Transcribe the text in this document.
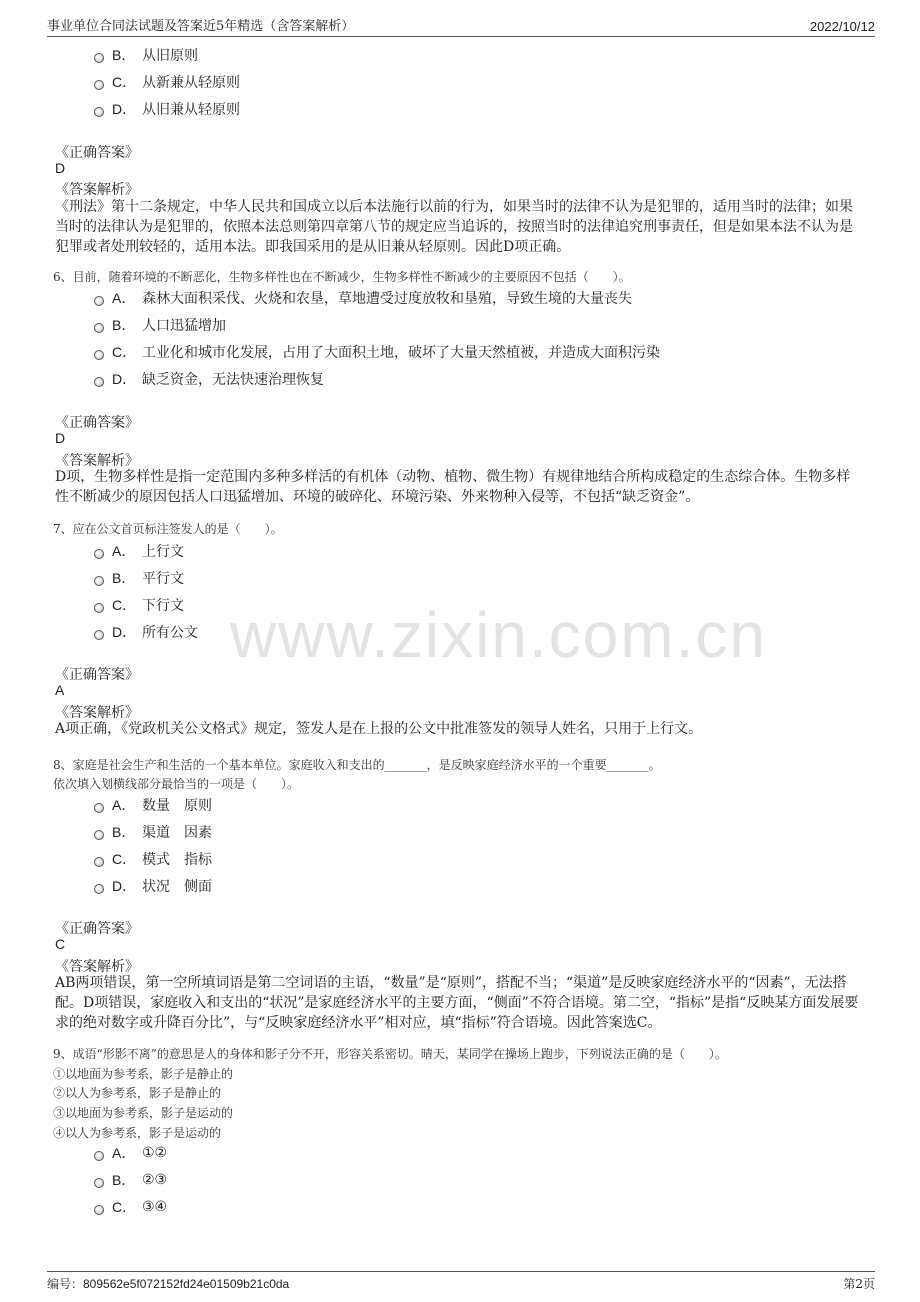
事业单位合同法试题及答案近5年精选（含答案解析）	2022/10/12
www.zixin.com.cn
B． 从旧原则
C． 从新兼从轻原则
D． 从旧兼从轻原则
《正确答案》
D
《答案解析》
《刑法》第十二条规定，中华人民共和国成立以后本法施行以前的行为，如果当时的法律不认为是犯罪的，适用当时的法律；如果当时的法律认为是犯罪的，依照本法总则第四章第八节的规定应当追诉的，按照当时的法律追究刑事责任，但是如果本法不认为是犯罪或者处刑较轻的，适用本法。即我国采用的是从旧兼从轻原则。因此D项正确。
6、目前，随着环境的不断恶化，生物多样性也在不断减少，生物多样性不断减少的主要原因不包括（　　）。
A． 森林大面积采伐、火烧和农垦，草地遭受过度放牧和垦殖，导致生境的大量丧失
B． 人口迅猛增加
C． 工业化和城市化发展，占用了大面积土地，破坏了大量天然植被，并造成大面积污染
D． 缺乏资金，无法快速治理恢复
《正确答案》
D
《答案解析》
D项，生物多样性是指一定范围内多种多样活的有机体（动物、植物、微生物）有规律地结合所构成稳定的生态综合体。生物多样性不断减少的原因包括人口迅猛增加、环境的破碎化、环境污染、外来物种入侵等，不包括“缺乏资金”。
7、应在公文首页标注签发人的是（　　）。
A． 上行文
B． 平行文
C． 下行文
D． 所有公文
《正确答案》
A
《答案解析》
A项正确，《党政机关公文格式》规定，签发人是在上报的公文中批准签发的领导人姓名，只用于上行文。
8、家庭是社会生产和生活的一个基本单位。家庭收入和支出的_______，是反映家庭经济水平的一个重要_______。
依次填入划横线部分最恰当的一项是（　　）。
A． 数量　原则
B． 渠道　因素
C． 模式　指标
D． 状况　侧面
《正确答案》
C
《答案解析》
AB两项错误，第一空所填词语是第二空词语的主语，“数量”是“原则”，搭配不当；“渠道”是反映家庭经济水平的“因素”，无法搭配。D项错误，家庭收入和支出的“状况”是家庭经济水平的主要方面，“侧面”不符合语境。第二空，“指标”是指“反映某方面发展要求的绝对数字或升降百分比”，与“反映家庭经济水平”相对应，填“指标”符合语境。因此答案选C。
9、成语“形影不离”的意思是人的身体和影子分不开，形容关系密切。晴天，某同学在操场上跑步，下列说法正确的是（　　）。
①以地面为参考系，影子是静止的
②以人为参考系，影子是静止的
③以地面为参考系，影子是运动的
④以人为参考系，影子是运动的
A． ①②
B． ②③
C． ③④
编号：809562e5f072152fd24e01509b21c0da	第2页
